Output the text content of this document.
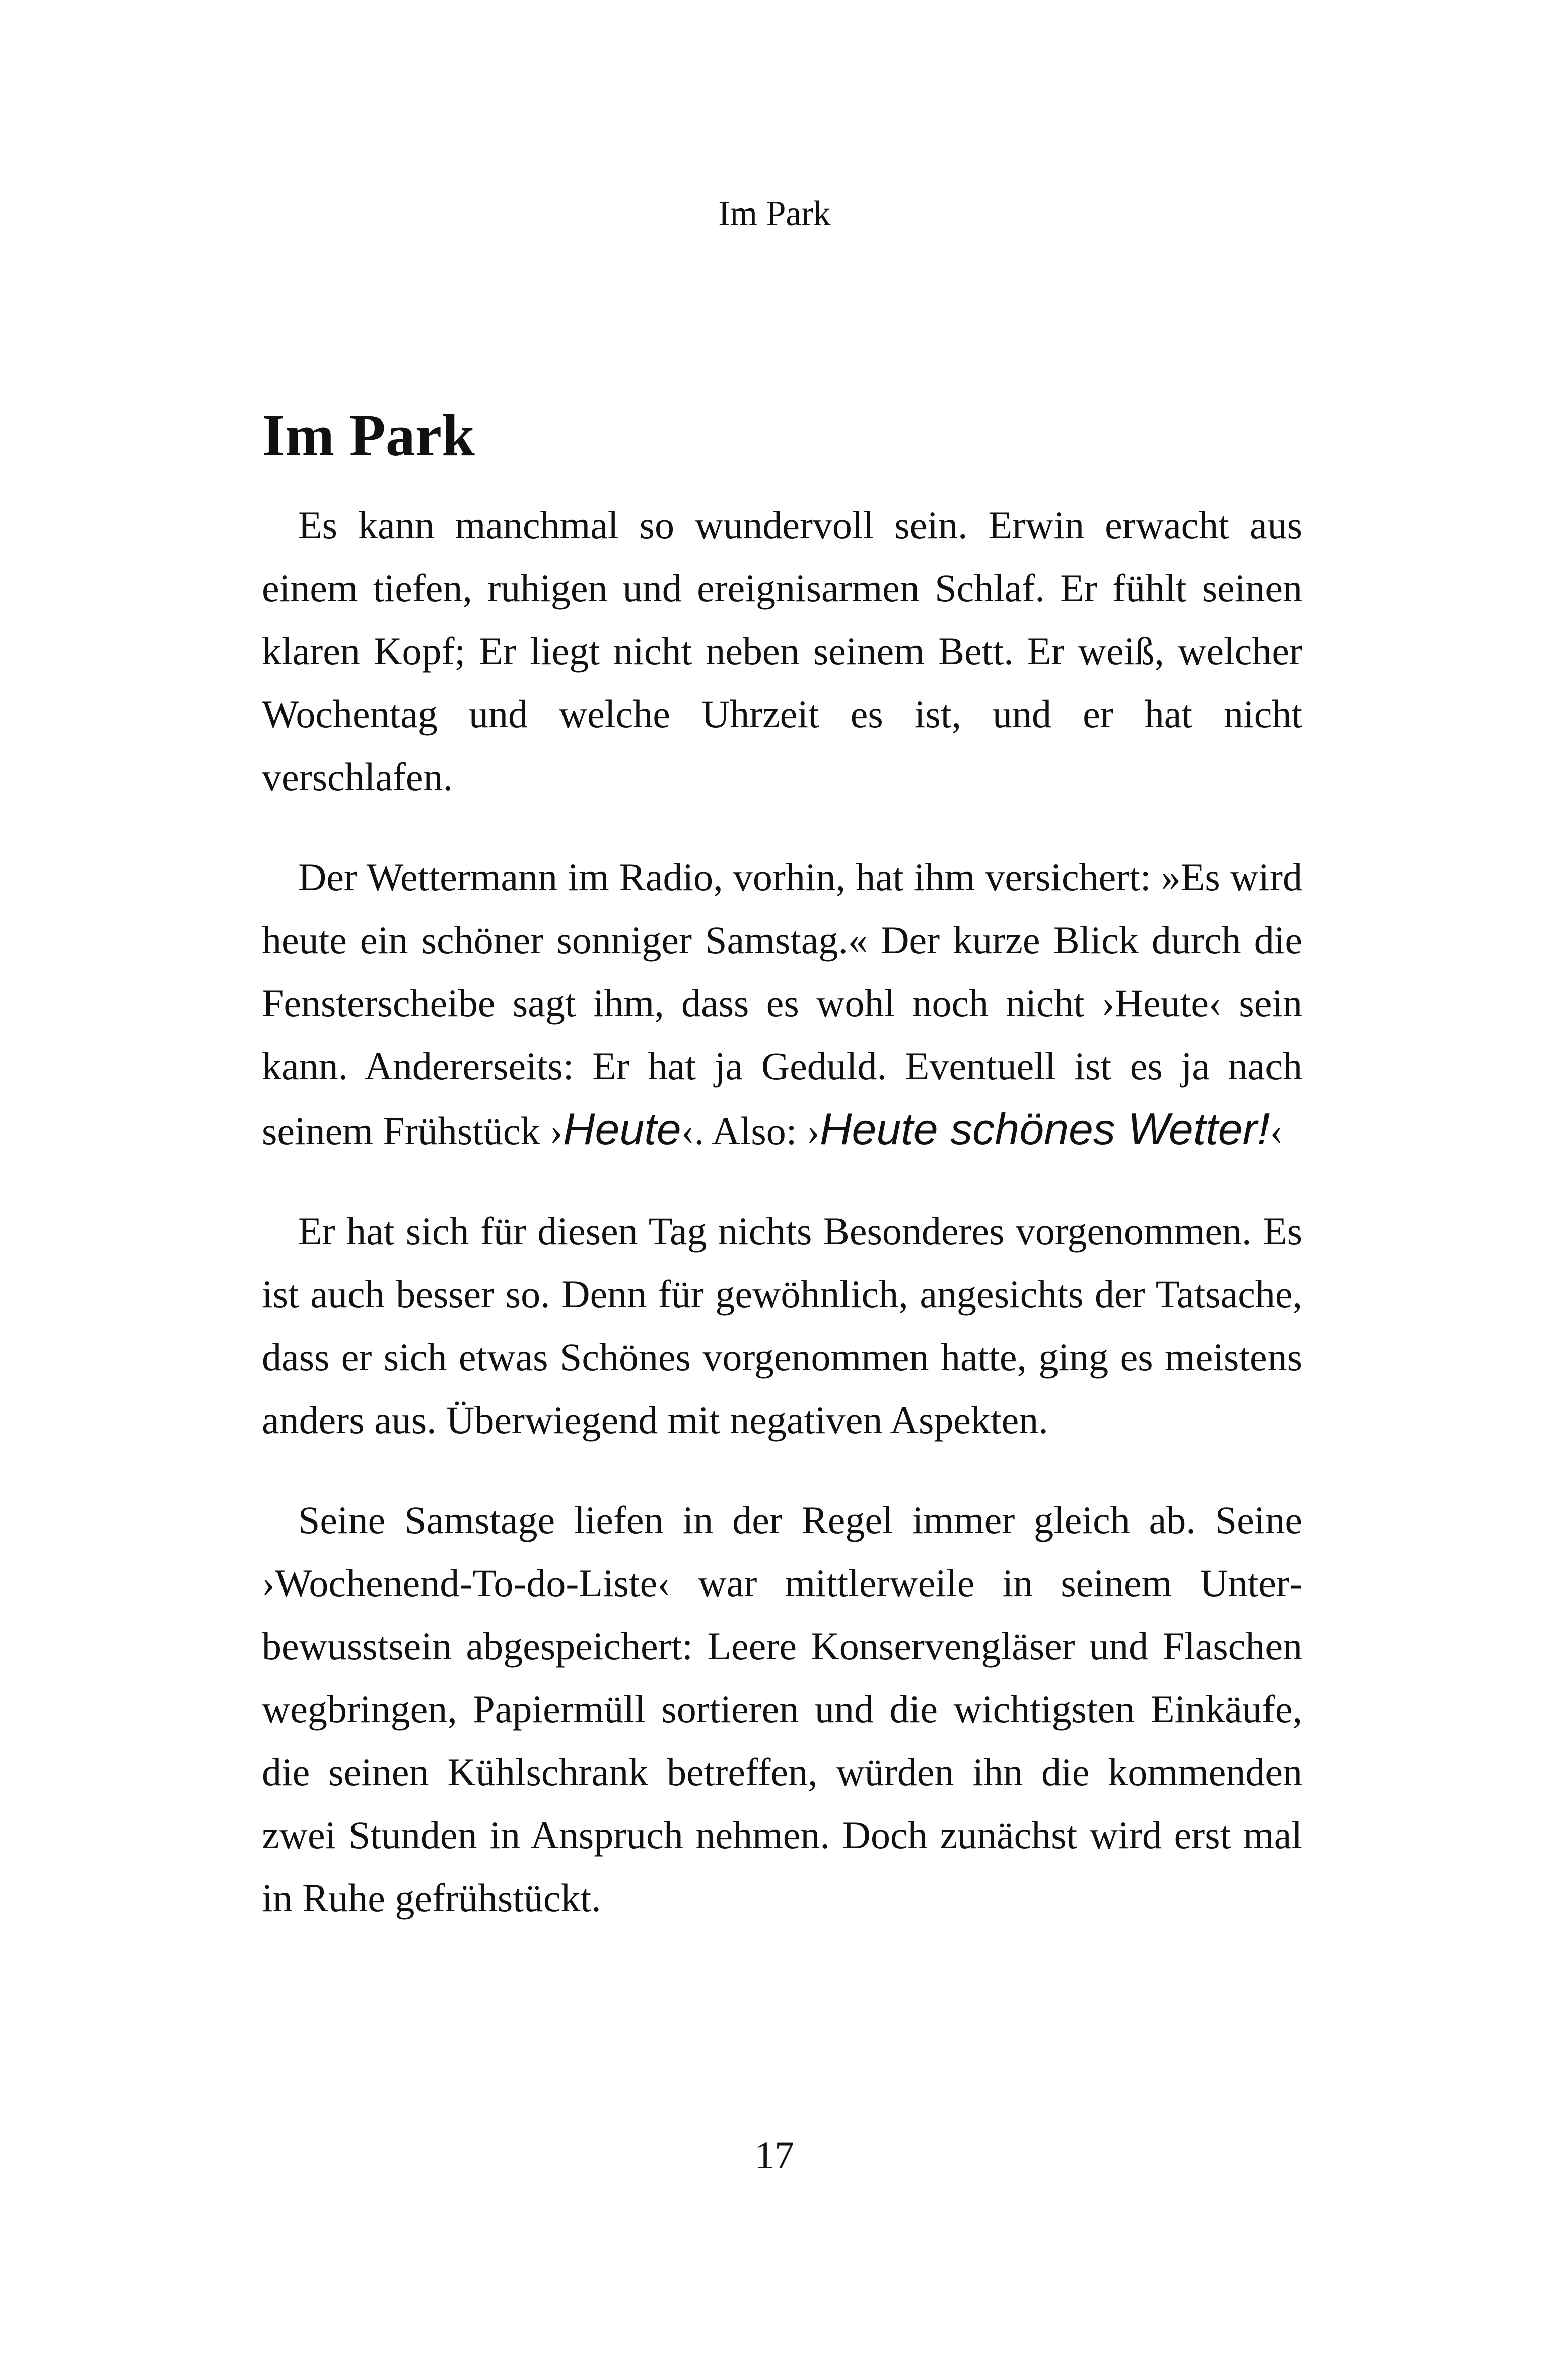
Im Park
Im Park

Es kann manchmal so wundervoll sein. Erwin erwacht aus einem tiefen, ruhigen und ereignisarmen Schlaf. Er fühlt seinen klaren Kopf; Er liegt nicht neben seinem Bett. Er weiß, welcher Wochentag und welche Uhrzeit es ist, und er hat nicht verschlafen.

Der Wettermann im Radio, vorhin, hat ihm versichert: »Es wird heute ein schöner sonniger Samstag.« Der kurze Blick durch die Fensterscheibe sagt ihm, dass es wohl noch nicht ›Heute‹ sein kann. Andererseits: Er hat ja Geduld. Eventuell ist es ja nach seinem Frühstück ›Heute‹. Also: ›Heute schönes Wetter!‹

Er hat sich für diesen Tag nichts Besonderes vorgenommen. Es ist auch besser so. Denn für gewöhnlich, angesichts der Tatsache, dass er sich etwas Schönes vorgenommen hatte, ging es meistens anders aus. Überwiegend mit negativen Aspekten.

Seine Samstage liefen in der Regel immer gleich ab. Seine ›Wochenend-To-do-Liste‹ war mittlerweile in seinem Unterbewusstsein abgespeichert: Leere Konservengläser und Flaschen wegbringen, Papiermüll sortieren und die wichtigsten Einkäufe, die seinen Kühlschrank betreffen, würden ihn die kommenden zwei Stunden in Anspruch nehmen. Doch zunächst wird erst mal in Ruhe gefrühstückt.

17
